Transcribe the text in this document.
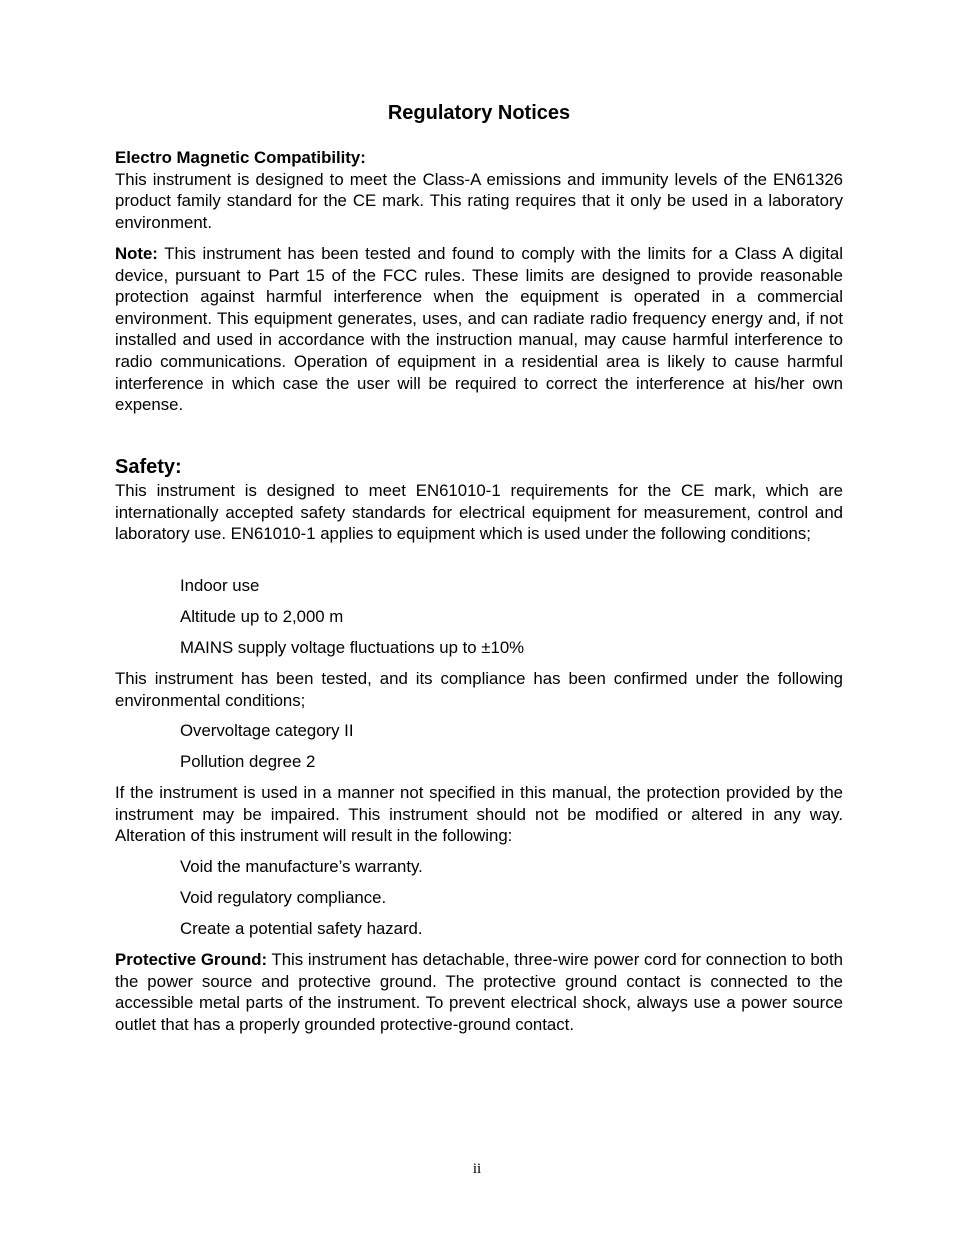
Regulatory Notices

Electro Magnetic Compatibility:

This instrument is designed to meet the Class-A emissions and immunity levels of the EN61326 product family standard for the CE mark. This rating requires that it only be used in a laboratory environment.

Note: This instrument has been tested and found to comply with the limits for a Class A digital device, pursuant to Part 15 of the FCC rules. These limits are designed to provide reasonable protection against harmful interference when the equipment is operated in a commercial environment. This equipment generates, uses, and can radiate radio frequency energy and, if not installed and used in accordance with the instruction manual, may cause harmful interference to radio communications. Operation of equipment in a residential area is likely to cause harmful interference in which case the user will be required to correct the interference at his/her own expense.

Safety:
This instrument is designed to meet EN61010-1 requirements for the CE mark, which are internationally accepted safety standards for electrical equipment for measurement, control and laboratory use. EN61010-1 applies to equipment which is used under the following conditions;
Indoor use
Altitude up to 2,000 m
MAINS supply voltage fluctuations up to ±10%
This instrument has been tested, and its compliance has been confirmed under the following environmental conditions;
Overvoltage category II
Pollution degree 2
If the instrument is used in a manner not specified in this manual, the protection provided by the instrument may be impaired. This instrument should not be modified or altered in any way. Alteration of this instrument will result in the following:
Void the manufacture’s warranty.
Void regulatory compliance.
Create a potential safety hazard.

Protective Ground: This instrument has detachable, three-wire power cord for connection to both the power source and protective ground. The protective ground contact is connected to the accessible metal parts of the instrument. To prevent electrical shock, always use a power source outlet that has a properly grounded protective-ground contact.

ii
